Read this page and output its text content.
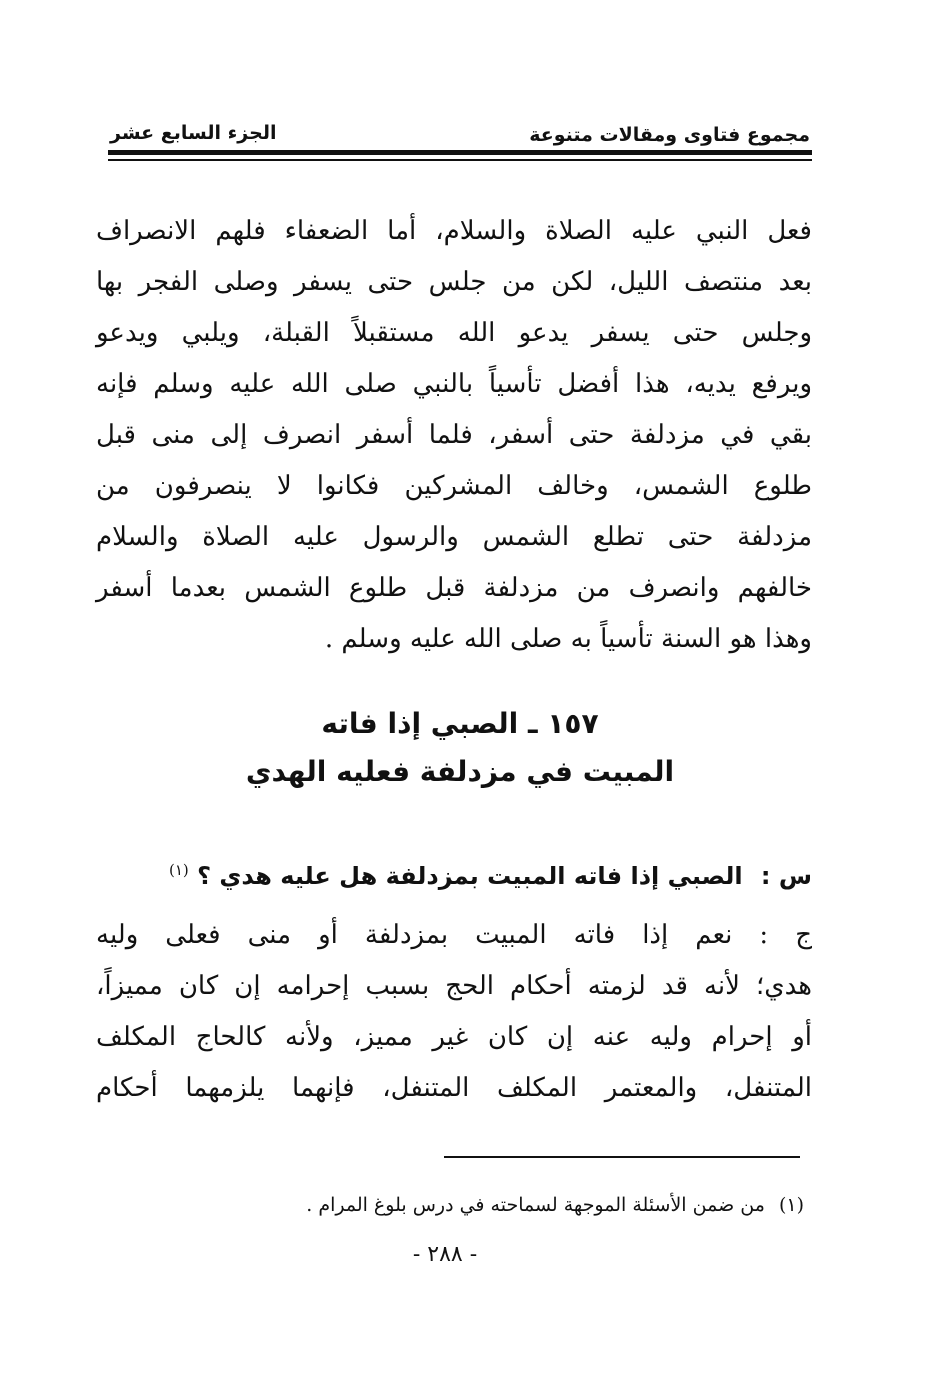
مجموع فتاوى ومقالات متنوعة
الجزء السابع عشر
فعل النبي عليه الصلاة والسلام، أما الضعفاء فلهم الانصراف
بعد منتصف الليل، لكن من جلس حتى يسفر وصلى الفجر بها
وجلس حتى يسفر يدعو الله مستقبلاً القبلة، ويلبي ويدعو
ويرفع يديه، هذا أفضل تأسياً بالنبي صلى الله عليه وسلم فإنه
بقي في مزدلفة حتى أسفر، فلما أسفر انصرف إلى منى قبل
طلوع الشمس، وخالف المشركين فكانوا لا ينصرفون من
مزدلفة حتى تطلع الشمس والرسول عليه الصلاة والسلام
خالفهم وانصرف من مزدلفة قبل طلوع الشمس بعدما أسفر
وهذا هو السنة تأسياً به صلى الله عليه وسلم .
١٥٧ ـ الصبي إذا فاته
المبيت في مزدلفة فعليه الهدي
س : الصبي إذا فاته المبيت بمزدلفة هل عليه هدي ؟ $^{(١)}$
ج : نعم إذا فاته المبيت بمزدلفة أو منى فعلى وليه
هدي؛ لأنه قد لزمته أحكام الحج بسبب إحرامه إن كان مميزاً،
أو إحرام وليه عنه إن كان غير مميز، ولأنه كالحاج المكلف
المتنفل، والمعتمر المكلف المتنفل، فإنهما يلزمهما أحكام
(١) من ضمن الأسئلة الموجهة لسماحته في درس بلوغ المرام .
- ٢٨٨ -
